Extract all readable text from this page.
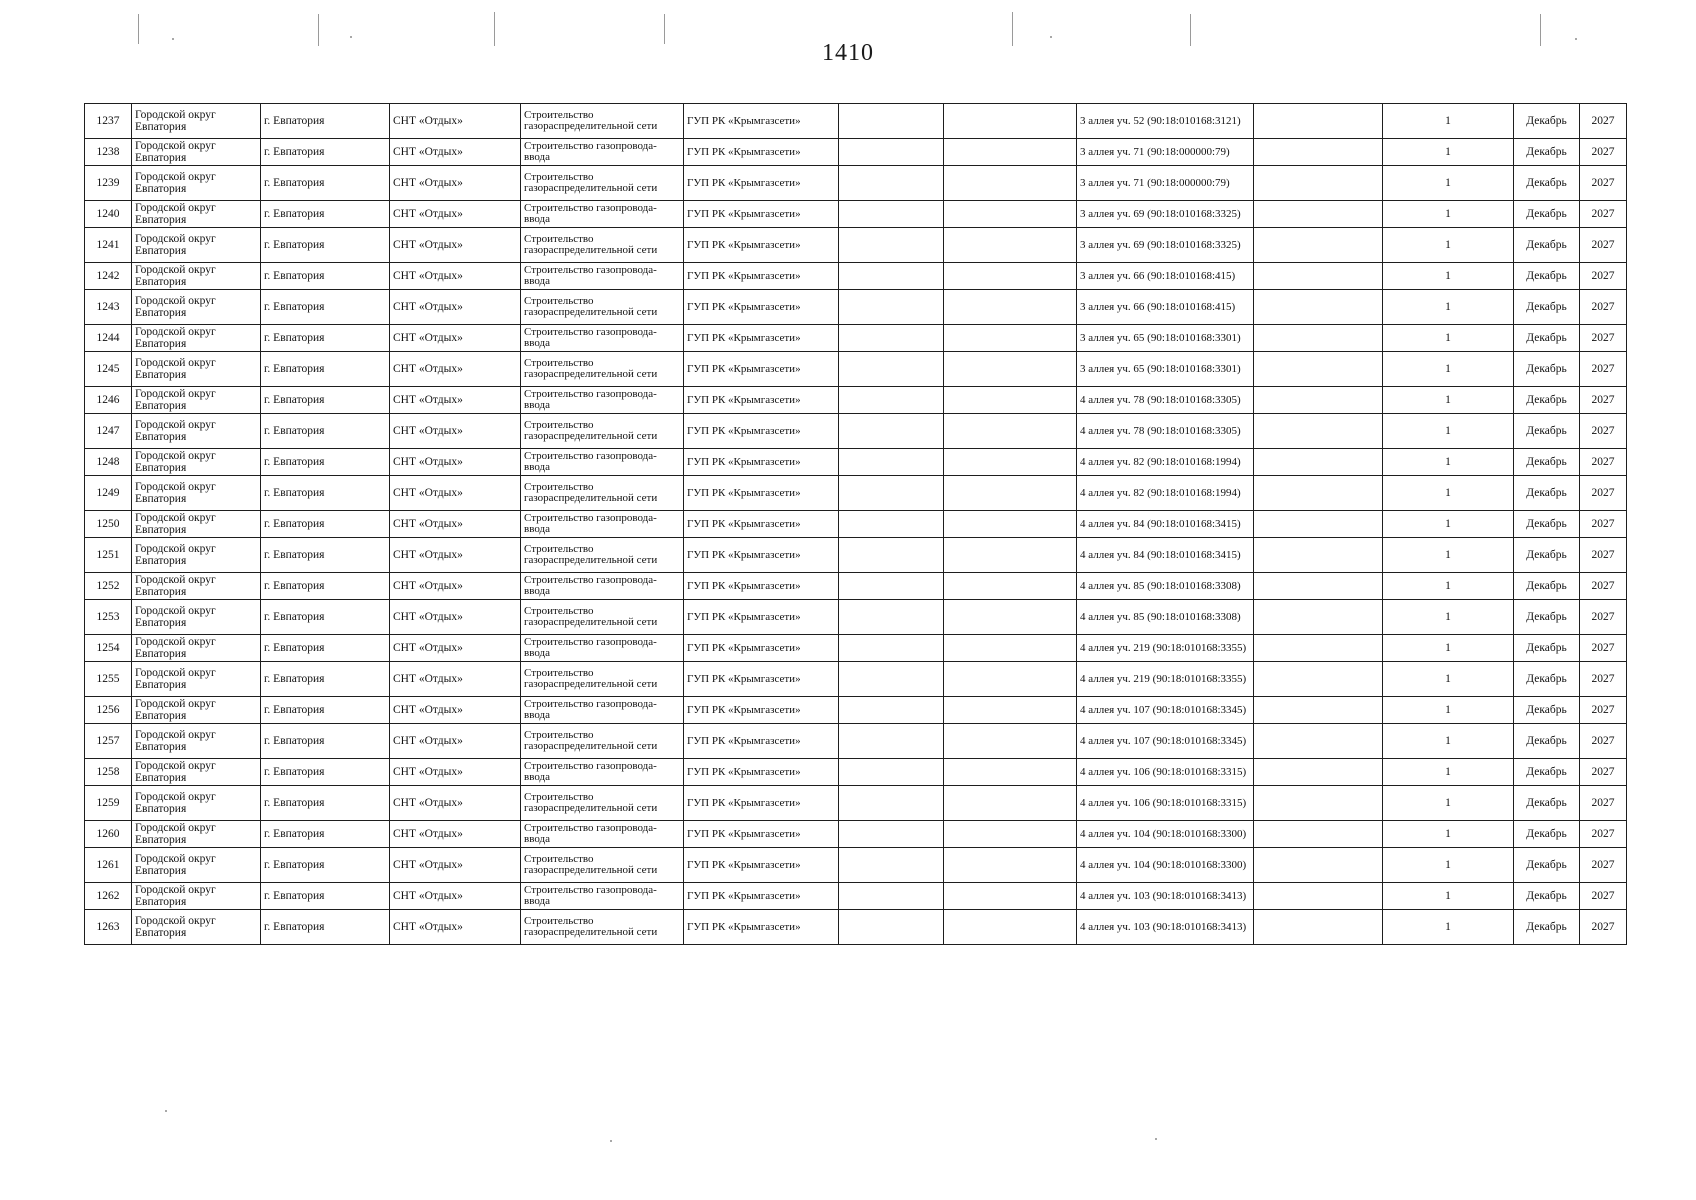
1410
1237	Городской округ Евпатория	г. Евпатория	СНТ «Отдых»	Строительство газораспределительной сети	ГУП РК «Крымгазсети»			3 аллея уч. 52 (90:18:010168:3121)		1	Декабрь	2027
1238	Городской округ Евпатория	г. Евпатория	СНТ «Отдых»	Строительство газопровода-ввода	ГУП РК «Крымгазсети»			3 аллея уч. 71 (90:18:000000:79)		1	Декабрь	2027
1239	Городской округ Евпатория	г. Евпатория	СНТ «Отдых»	Строительство газораспределительной сети	ГУП РК «Крымгазсети»			3 аллея уч. 71 (90:18:000000:79)		1	Декабрь	2027
1240	Городской округ Евпатория	г. Евпатория	СНТ «Отдых»	Строительство газопровода-ввода	ГУП РК «Крымгазсети»			3 аллея уч. 69 (90:18:010168:3325)		1	Декабрь	2027
1241	Городской округ Евпатория	г. Евпатория	СНТ «Отдых»	Строительство газораспределительной сети	ГУП РК «Крымгазсети»			3 аллея уч. 69 (90:18:010168:3325)		1	Декабрь	2027
1242	Городской округ Евпатория	г. Евпатория	СНТ «Отдых»	Строительство газопровода-ввода	ГУП РК «Крымгазсети»			3 аллея уч. 66 (90:18:010168:415)		1	Декабрь	2027
1243	Городской округ Евпатория	г. Евпатория	СНТ «Отдых»	Строительство газораспределительной сети	ГУП РК «Крымгазсети»			3 аллея уч. 66 (90:18:010168:415)		1	Декабрь	2027
1244	Городской округ Евпатория	г. Евпатория	СНТ «Отдых»	Строительство газопровода-ввода	ГУП РК «Крымгазсети»			3 аллея уч. 65 (90:18:010168:3301)		1	Декабрь	2027
1245	Городской округ Евпатория	г. Евпатория	СНТ «Отдых»	Строительство газораспределительной сети	ГУП РК «Крымгазсети»			3 аллея уч. 65 (90:18:010168:3301)		1	Декабрь	2027
1246	Городской округ Евпатория	г. Евпатория	СНТ «Отдых»	Строительство газопровода-ввода	ГУП РК «Крымгазсети»			4 аллея уч. 78 (90:18:010168:3305)		1	Декабрь	2027
1247	Городской округ Евпатория	г. Евпатория	СНТ «Отдых»	Строительство газораспределительной сети	ГУП РК «Крымгазсети»			4 аллея уч. 78 (90:18:010168:3305)		1	Декабрь	2027
1248	Городской округ Евпатория	г. Евпатория	СНТ «Отдых»	Строительство газопровода-ввода	ГУП РК «Крымгазсети»			4 аллея уч. 82 (90:18:010168:1994)		1	Декабрь	2027
1249	Городской округ Евпатория	г. Евпатория	СНТ «Отдых»	Строительство газораспределительной сети	ГУП РК «Крымгазсети»			4 аллея уч. 82 (90:18:010168:1994)		1	Декабрь	2027
1250	Городской округ Евпатория	г. Евпатория	СНТ «Отдых»	Строительство газопровода-ввода	ГУП РК «Крымгазсети»			4 аллея уч. 84 (90:18:010168:3415)		1	Декабрь	2027
1251	Городской округ Евпатория	г. Евпатория	СНТ «Отдых»	Строительство газораспределительной сети	ГУП РК «Крымгазсети»			4 аллея уч. 84 (90:18:010168:3415)		1	Декабрь	2027
1252	Городской округ Евпатория	г. Евпатория	СНТ «Отдых»	Строительство газопровода-ввода	ГУП РК «Крымгазсети»			4 аллея уч. 85 (90:18:010168:3308)		1	Декабрь	2027
1253	Городской округ Евпатория	г. Евпатория	СНТ «Отдых»	Строительство газораспределительной сети	ГУП РК «Крымгазсети»			4 аллея уч. 85 (90:18:010168:3308)		1	Декабрь	2027
1254	Городской округ Евпатория	г. Евпатория	СНТ «Отдых»	Строительство газопровода-ввода	ГУП РК «Крымгазсети»			4 аллея уч. 219 (90:18:010168:3355)		1	Декабрь	2027
1255	Городской округ Евпатория	г. Евпатория	СНТ «Отдых»	Строительство газораспределительной сети	ГУП РК «Крымгазсети»			4 аллея уч. 219 (90:18:010168:3355)		1	Декабрь	2027
1256	Городской округ Евпатория	г. Евпатория	СНТ «Отдых»	Строительство газопровода-ввода	ГУП РК «Крымгазсети»			4 аллея уч. 107 (90:18:010168:3345)		1	Декабрь	2027
1257	Городской округ Евпатория	г. Евпатория	СНТ «Отдых»	Строительство газораспределительной сети	ГУП РК «Крымгазсети»			4 аллея уч. 107 (90:18:010168:3345)		1	Декабрь	2027
1258	Городской округ Евпатория	г. Евпатория	СНТ «Отдых»	Строительство газопровода-ввода	ГУП РК «Крымгазсети»			4 аллея уч. 106 (90:18:010168:3315)		1	Декабрь	2027
1259	Городской округ Евпатория	г. Евпатория	СНТ «Отдых»	Строительство газораспределительной сети	ГУП РК «Крымгазсети»			4 аллея уч. 106 (90:18:010168:3315)		1	Декабрь	2027
1260	Городской округ Евпатория	г. Евпатория	СНТ «Отдых»	Строительство газопровода-ввода	ГУП РК «Крымгазсети»			4 аллея уч. 104 (90:18:010168:3300)		1	Декабрь	2027
1261	Городской округ Евпатория	г. Евпатория	СНТ «Отдых»	Строительство газораспределительной сети	ГУП РК «Крымгазсети»			4 аллея уч. 104 (90:18:010168:3300)		1	Декабрь	2027
1262	Городской округ Евпатория	г. Евпатория	СНТ «Отдых»	Строительство газопровода-ввода	ГУП РК «Крымгазсети»			4 аллея уч. 103 (90:18:010168:3413)		1	Декабрь	2027
1263	Городской округ Евпатория	г. Евпатория	СНТ «Отдых»	Строительство газораспределительной сети	ГУП РК «Крымгазсети»			4 аллея уч. 103 (90:18:010168:3413)		1	Декабрь	2027
